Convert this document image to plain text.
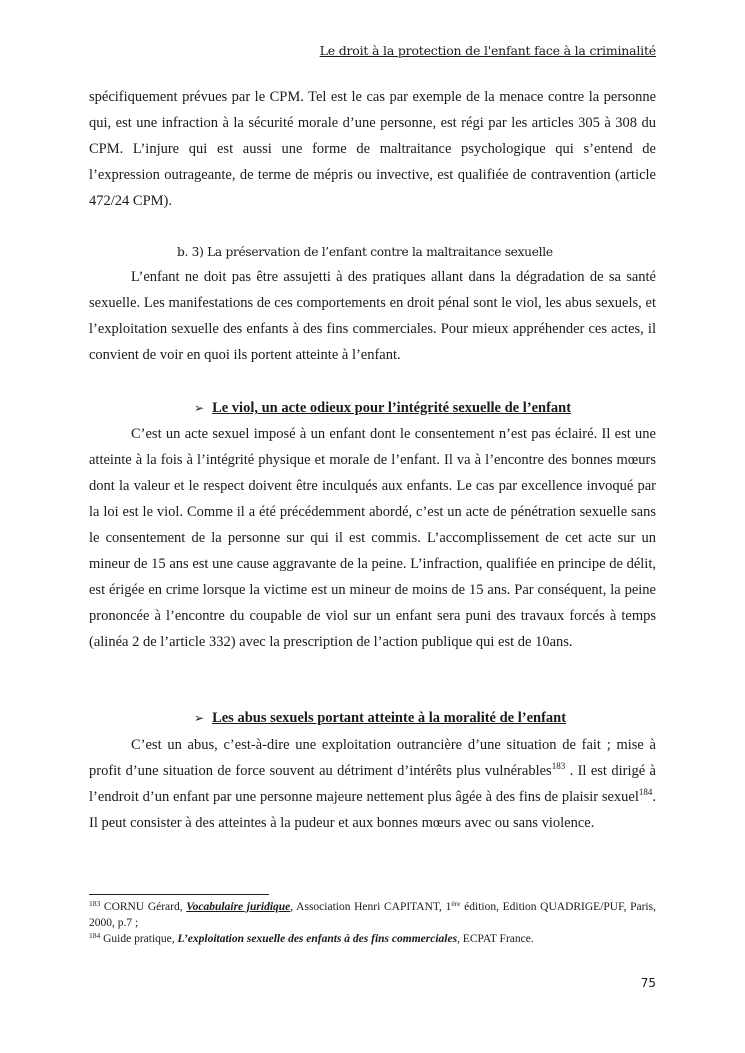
Le droit à la protection de l'enfant face à la criminalité

spécifiquement prévues par le CPM. Tel est le cas par exemple de la menace contre la personne qui, est une infraction à la sécurité morale d’une personne, est régi par les articles 305 à 308 du CPM. L’injure qui est aussi une forme de maltraitance psychologique qui s’entend de l’expression outrageante, de terme de mépris ou invective, est qualifiée de contravention (article 472/24 CPM).

b. 3) La préservation de l’enfant contre la maltraitance sexuelle

L’enfant ne doit pas être assujetti à des pratiques allant dans la dégradation de sa santé sexuelle. Les manifestations de ces comportements en droit pénal sont le viol, les abus sexuels, et l’exploitation sexuelle des enfants à des fins commerciales. Pour mieux appréhender ces actes, il convient de voir en quoi ils portent atteinte à l’enfant.

➢ Le viol, un acte odieux pour l’intégrité sexuelle de l’enfant

C’est un acte sexuel imposé à un enfant dont le consentement n’est pas éclairé. Il est une atteinte à la fois à l’intégrité physique et morale de l’enfant. Il va à l’encontre des bonnes mœurs dont la valeur et le respect doivent être inculqués aux enfants. Le cas par excellence invoqué par la loi est le viol. Comme il a été précédemment abordé, c’est un acte de pénétration sexuelle sans le consentement de la personne sur qui il est commis. L’accomplissement de cet acte sur un mineur de 15 ans est une cause aggravante de la peine. L’infraction, qualifiée en principe de délit, est érigée en crime lorsque la victime est un mineur de moins de 15 ans. Par conséquent, la peine prononcée à l’encontre du coupable de viol sur un enfant sera puni des travaux forcés à temps (alinéa 2 de l’article 332) avec la prescription de l’action publique qui est de 10ans.

➢ Les abus sexuels portant atteinte à la moralité de l’enfant

C’est un abus, c’est-à-dire une exploitation outrancière d’une situation de fait ; mise à profit d’une situation de force souvent au détriment d’intérêts plus vulnérables$^{183}$ . Il est dirigé à l’endroit d’un enfant par une personne majeure nettement plus âgée à des fins de plaisir sexuel$^{184}$. Il peut consister à des atteintes à la pudeur et aux bonnes mœurs avec ou sans violence.

$^{183}$ CORNU Gérard, Vocabulaire juridique, Association Henri CAPITANT, 1ère édition, Edition QUADRIGE/PUF, Paris, 2000, p.7 ;
$^{184}$ Guide pratique, L’exploitation sexuelle des enfants à des fins commerciales, ECPAT France.
75
